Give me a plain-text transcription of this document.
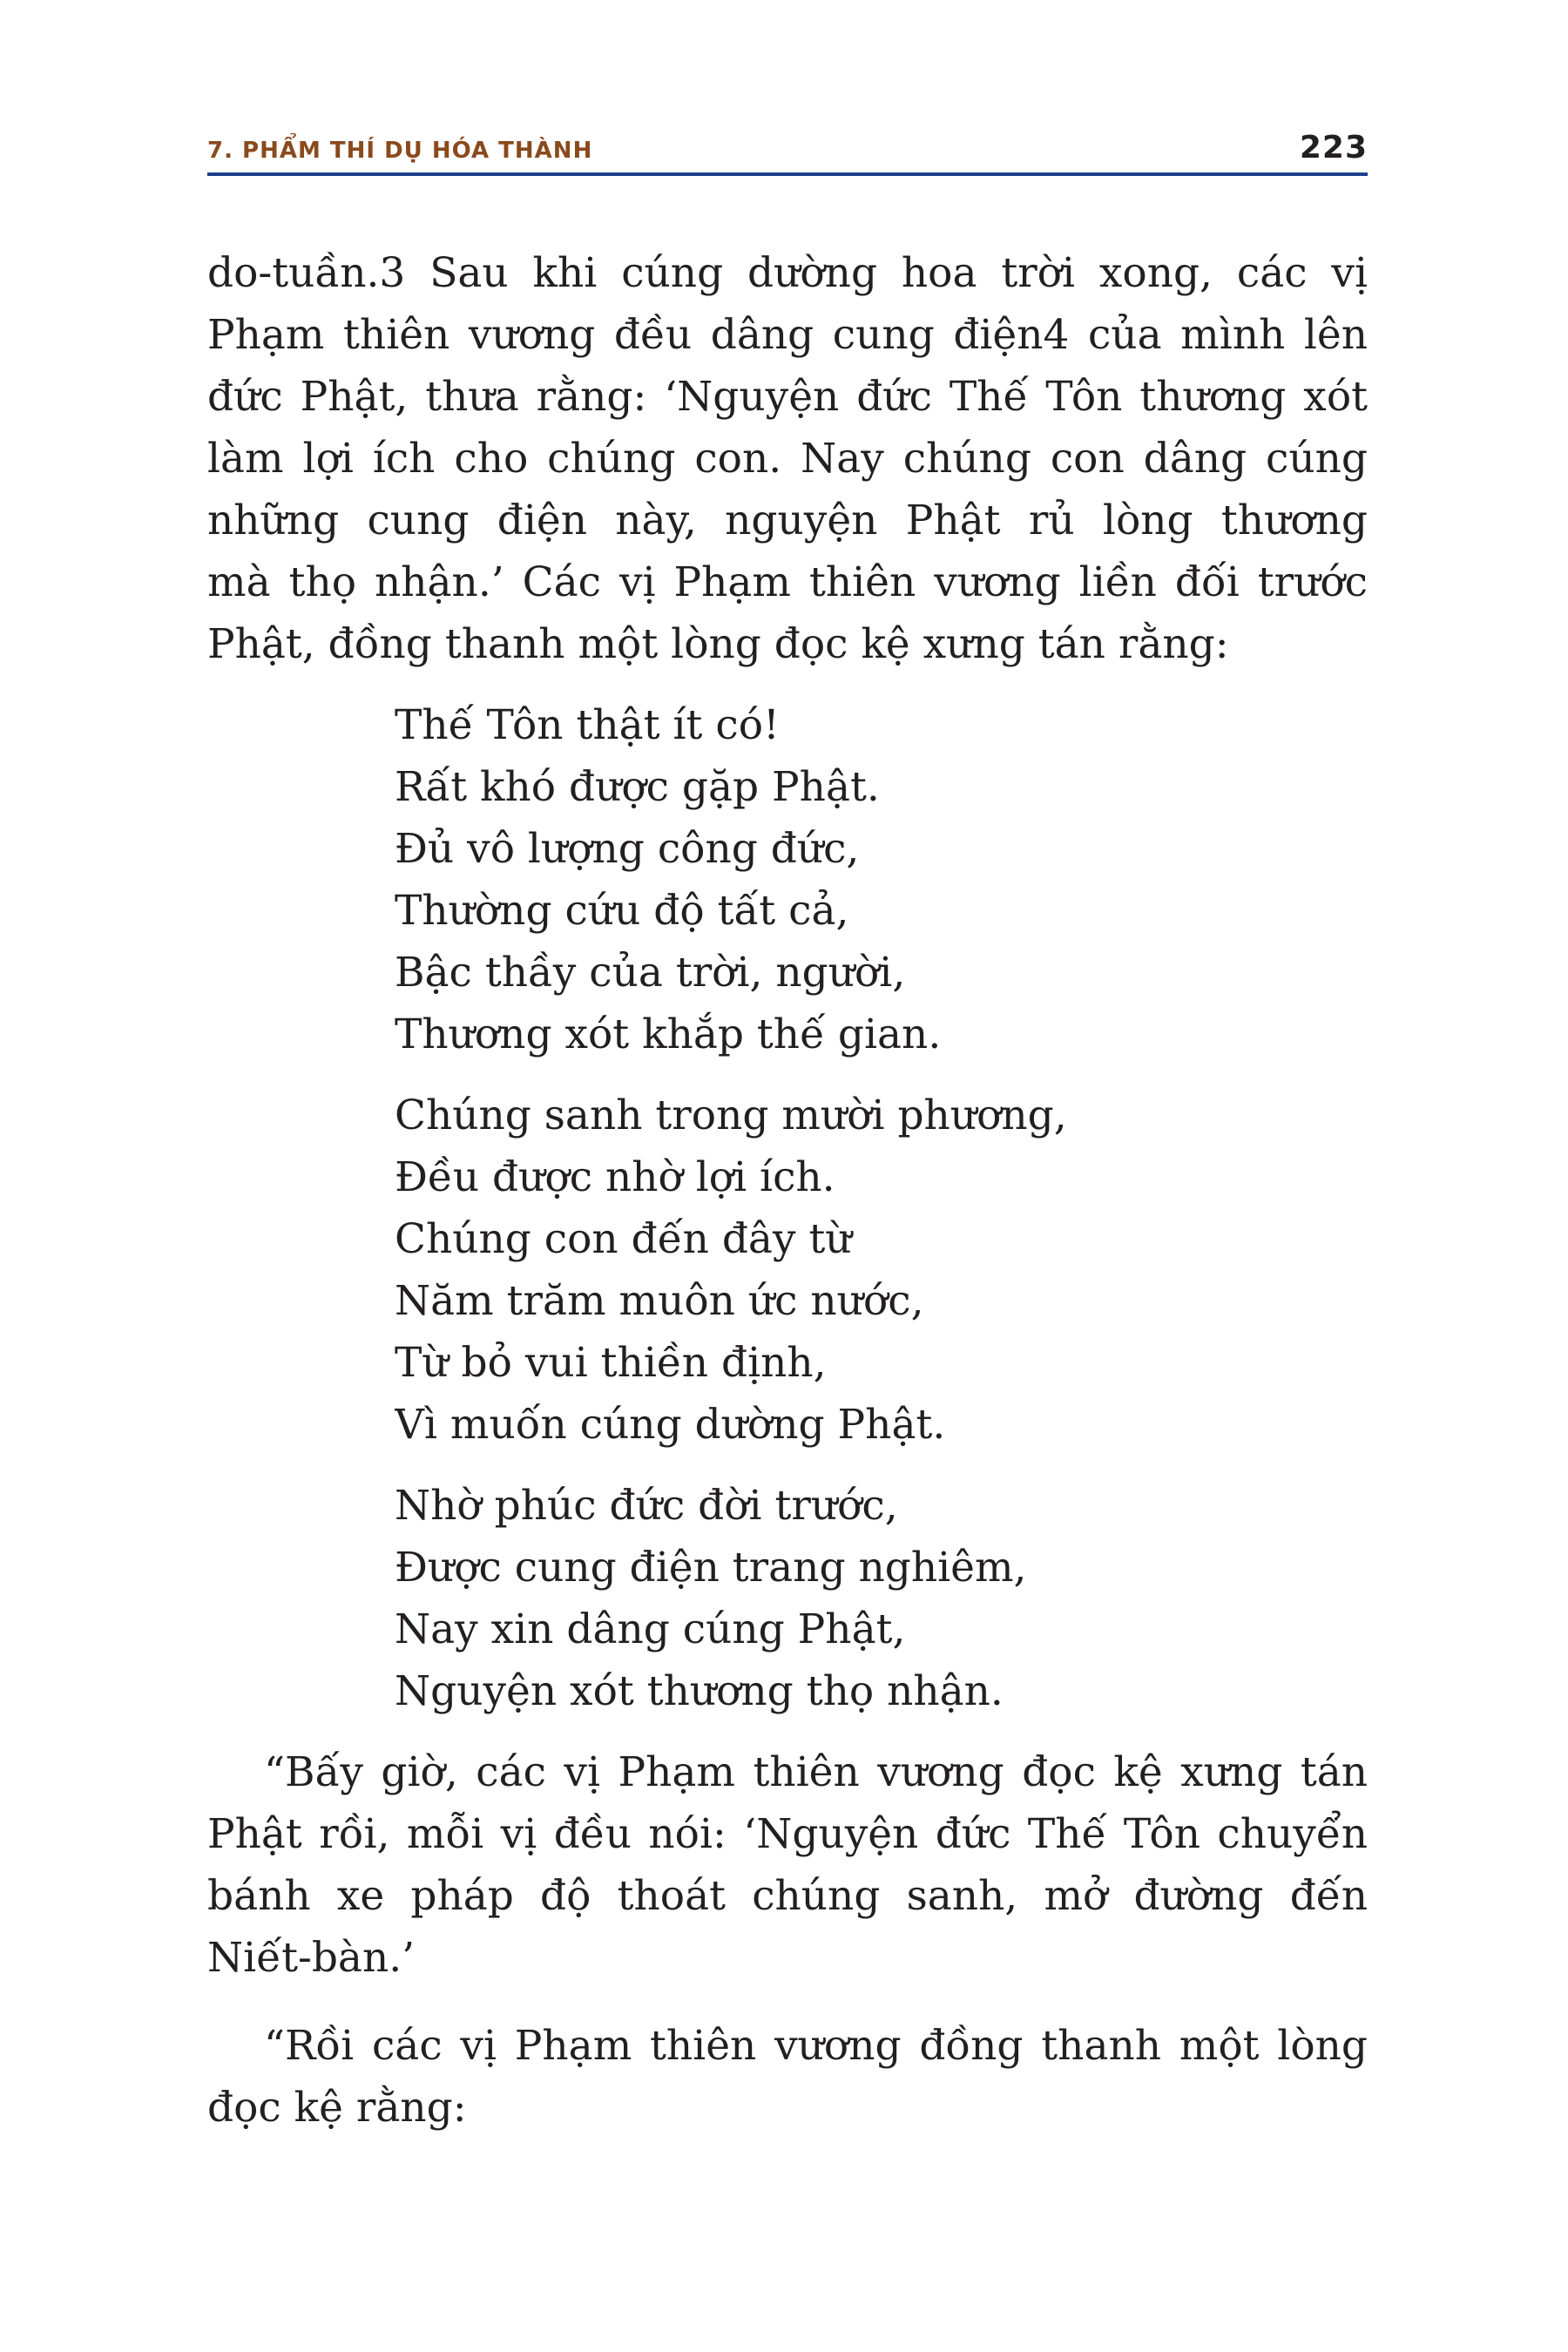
7. PHẨM THÍ DỤ HÓA THÀNH	223
do-tuần.3 Sau khi cúng dường hoa trời xong, các vị
Phạm thiên vương đều dâng cung điện4 của mình lên
đức Phật, thưa rằng: ‘Nguyện đức Thế Tôn thương xót
làm lợi ích cho chúng con. Nay chúng con dâng cúng
những cung điện này, nguyện Phật rủ lòng thương
mà thọ nhận.’ Các vị Phạm thiên vương liền đối trước
Phật, đồng thanh một lòng đọc kệ xưng tán rằng:
Thế Tôn thật ít có!
Rất khó được gặp Phật.
Đủ vô lượng công đức,
Thường cứu độ tất cả,
Bậc thầy của trời, người,
Thương xót khắp thế gian.
Chúng sanh trong mười phương,
Đều được nhờ lợi ích.
Chúng con đến đây từ
Năm trăm muôn ức nước,
Từ bỏ vui thiền định,
Vì muốn cúng dường Phật.
Nhờ phúc đức đời trước,
Được cung điện trang nghiêm,
Nay xin dâng cúng Phật,
Nguyện xót thương thọ nhận.
“Bấy giờ, các vị Phạm thiên vương đọc kệ xưng tán
Phật rồi, mỗi vị đều nói: ‘Nguyện đức Thế Tôn chuyển
bánh xe pháp độ thoát chúng sanh, mở đường đến
Niết-bàn.’
“Rồi các vị Phạm thiên vương đồng thanh một lòng
đọc kệ rằng:
